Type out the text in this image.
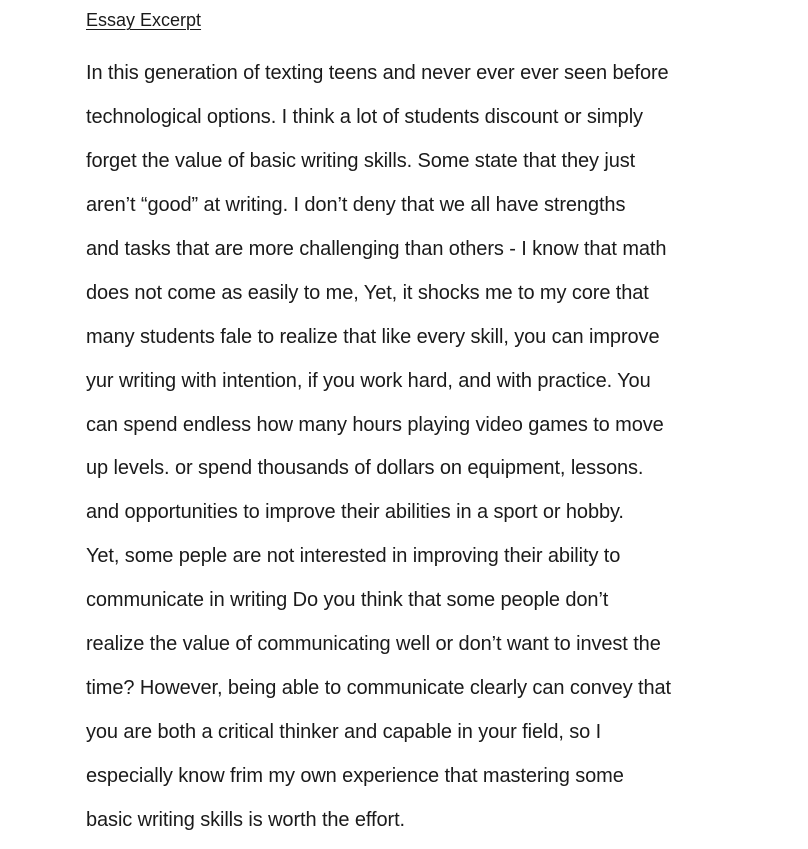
Essay Excerpt
In this generation of texting teens and never ever ever seen before
technological options. I think a lot of students discount or simply
forget the value of basic writing skills. Some state that they just
aren’t “good” at writing. I don’t deny that we all have strengths
and tasks that are more challenging than others - I know that math
does not come as easily to me, Yet, it shocks me to my core that
many students fale to realize that like every skill, you can improve
yur writing with intention, if you work hard, and with practice. You
can spend endless how many hours playing video games to move
up levels. or spend thousands of dollars on equipment, lessons.
and opportunities to improve their abilities in a sport or hobby.
Yet, some peple are not interested in improving their ability to
communicate in writing Do you think that some people don’t
realize the value of communicating well or don’t want to invest the
time? However, being able to communicate clearly can convey that
you are both a critical thinker and capable in your field, so I
especially know frim my own experience that mastering some
basic writing skills is worth the effort.
